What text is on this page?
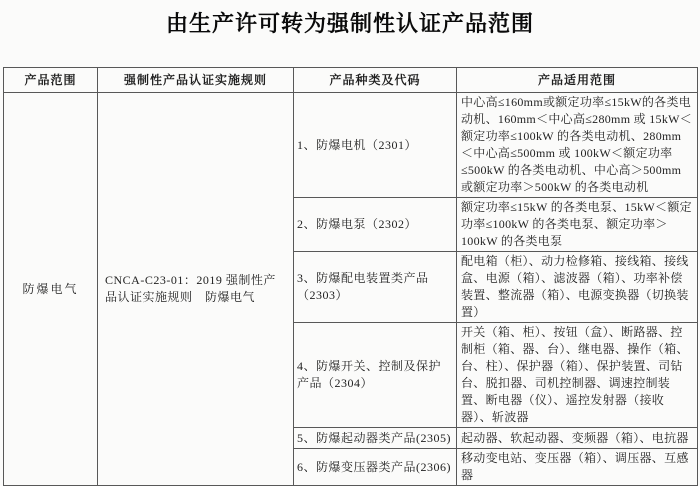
由生产许可转为强制性认证产品范围
产品范围	强制性产品认证实施规则	产品种类及代码	产品适用范围
防爆电气	CNCA-C23-01：2019 强制性产品认证实施规则　防爆电气	1、防爆电机（2301）	中心高≤160mm或额定功率≤15kW的各类电动机、160mm＜中心高≤280mm 或 15kW＜额定功率≤100kW 的各类电动机、280mm＜中心高≤500mm 或 100kW＜额定功率≤500kW 的各类电动机、中心高＞500mm 或额定功率＞500kW 的各类电动机
		2、防爆电泵（2302）	额定功率≤15kW 的各类电泵、15kW＜额定功率≤100kW 的各类电泵、额定功率＞100kW 的各类电泵
		3、防爆配电装置类产品（2303）	配电箱（柜）、动力检修箱、接线箱、接线盒、电源（箱）、滤波器（箱）、功率补偿装置、整流器（箱）、电源变换器（切换装置）
		4、防爆开关、控制及保护产品（2304）	开关（箱、柜）、按钮（盒）、断路器、控制柜（箱、器、台）、继电器、操作（箱、台、柱）、保护器（箱）、保护装置、司钻台、脱扣器、司机控制器、调速控制装置、断电器（仪）、遥控发射器（接收器）、斩波器
		5、防爆起动器类产品(2305)	起动器、软起动器、变频器（箱）、电抗器
		6、防爆变压器类产品(2306)	移动变电站、变压器（箱）、调压器、互感器
